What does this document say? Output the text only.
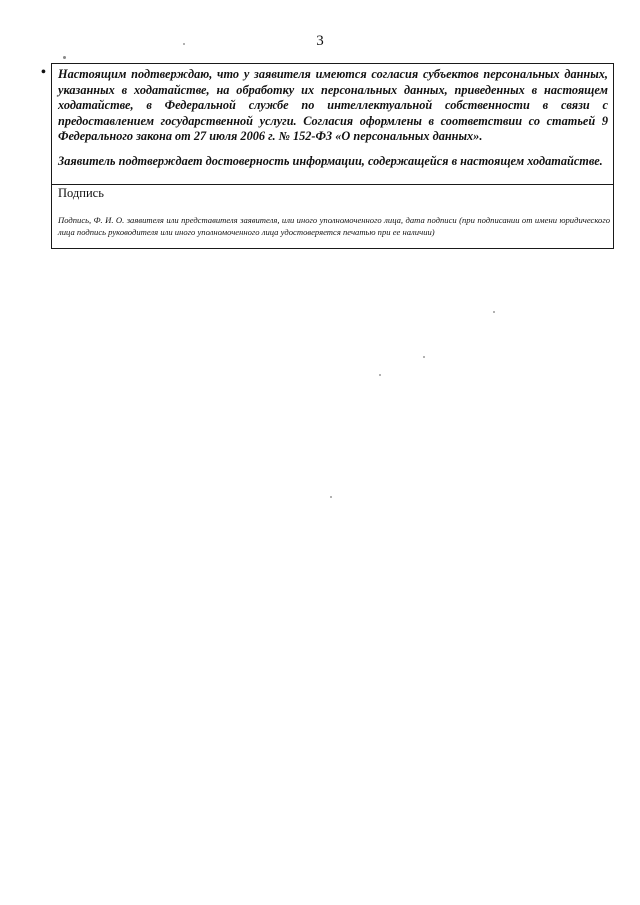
3
• Настоящим подтверждаю, что у заявителя имеются согласия субъектов персональных данных, указанных в ходатайстве, на обработку их персональных данных, приведенных в настоящем ходатайстве, в Федеральной службе по интеллектуальной собственности в связи с предоставлением государственной услуги. Согласия оформлены в соответствии со статьей 9 Федерального закона от 27 июля 2006 г. № 152-ФЗ «О персональных данных».

Заявитель подтверждает достоверность информации, содержащейся в настоящем ходатайстве.

Подпись

Подпись, Ф. И. О. заявителя или представителя заявителя, или иного уполномоченного лица, дата подписи (при подписании от имени юридического лица подпись руководителя или иного уполномоченного лица удостоверяется печатью при ее наличии)
